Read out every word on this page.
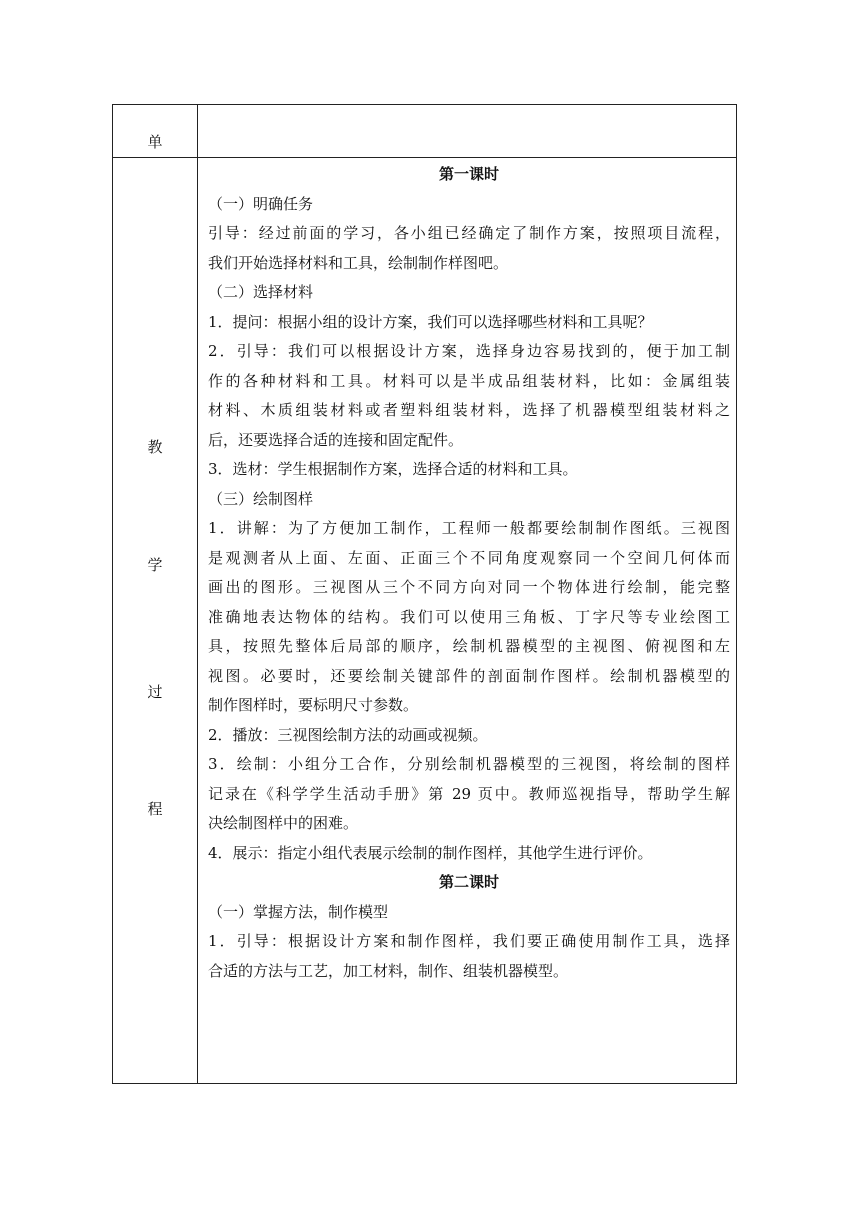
单
教
学
过
程
第一课时
（一）明确任务
引导：经过前面的学习，各小组已经确定了制作方案，按照项目流程，
我们开始选择材料和工具，绘制制作样图吧。
（二）选择材料
1．提问：根据小组的设计方案，我们可以选择哪些材料和工具呢？
2．引导：我们可以根据设计方案，选择身边容易找到的，便于加工制
作的各种材料和工具。材料可以是半成品组装材料，比如：金属组装
材料、木质组装材料或者塑料组装材料，选择了机器模型组装材料之
后，还要选择合适的连接和固定配件。
3．选材：学生根据制作方案，选择合适的材料和工具。
（三）绘制图样
1．讲解：为了方便加工制作，工程师一般都要绘制制作图纸。三视图
是观测者从上面、左面、正面三个不同角度观察同一个空间几何体而
画出的图形。三视图从三个不同方向对同一个物体进行绘制，能完整
准确地表达物体的结构。我们可以使用三角板、丁字尺等专业绘图工
具，按照先整体后局部的顺序，绘制机器模型的主视图、俯视图和左
视图。必要时，还要绘制关键部件的剖面制作图样。绘制机器模型的
制作图样时，要标明尺寸参数。
2．播放：三视图绘制方法的动画或视频。
3．绘制：小组分工合作，分别绘制机器模型的三视图，将绘制的图样
记录在《科学学生活动手册》第 29 页中。教师巡视指导，帮助学生解
决绘制图样中的困难。
4．展示：指定小组代表展示绘制的制作图样，其他学生进行评价。
第二课时
（一）掌握方法，制作模型
1．引导：根据设计方案和制作图样，我们要正确使用制作工具，选择
合适的方法与工艺，加工材料，制作、组装机器模型。
